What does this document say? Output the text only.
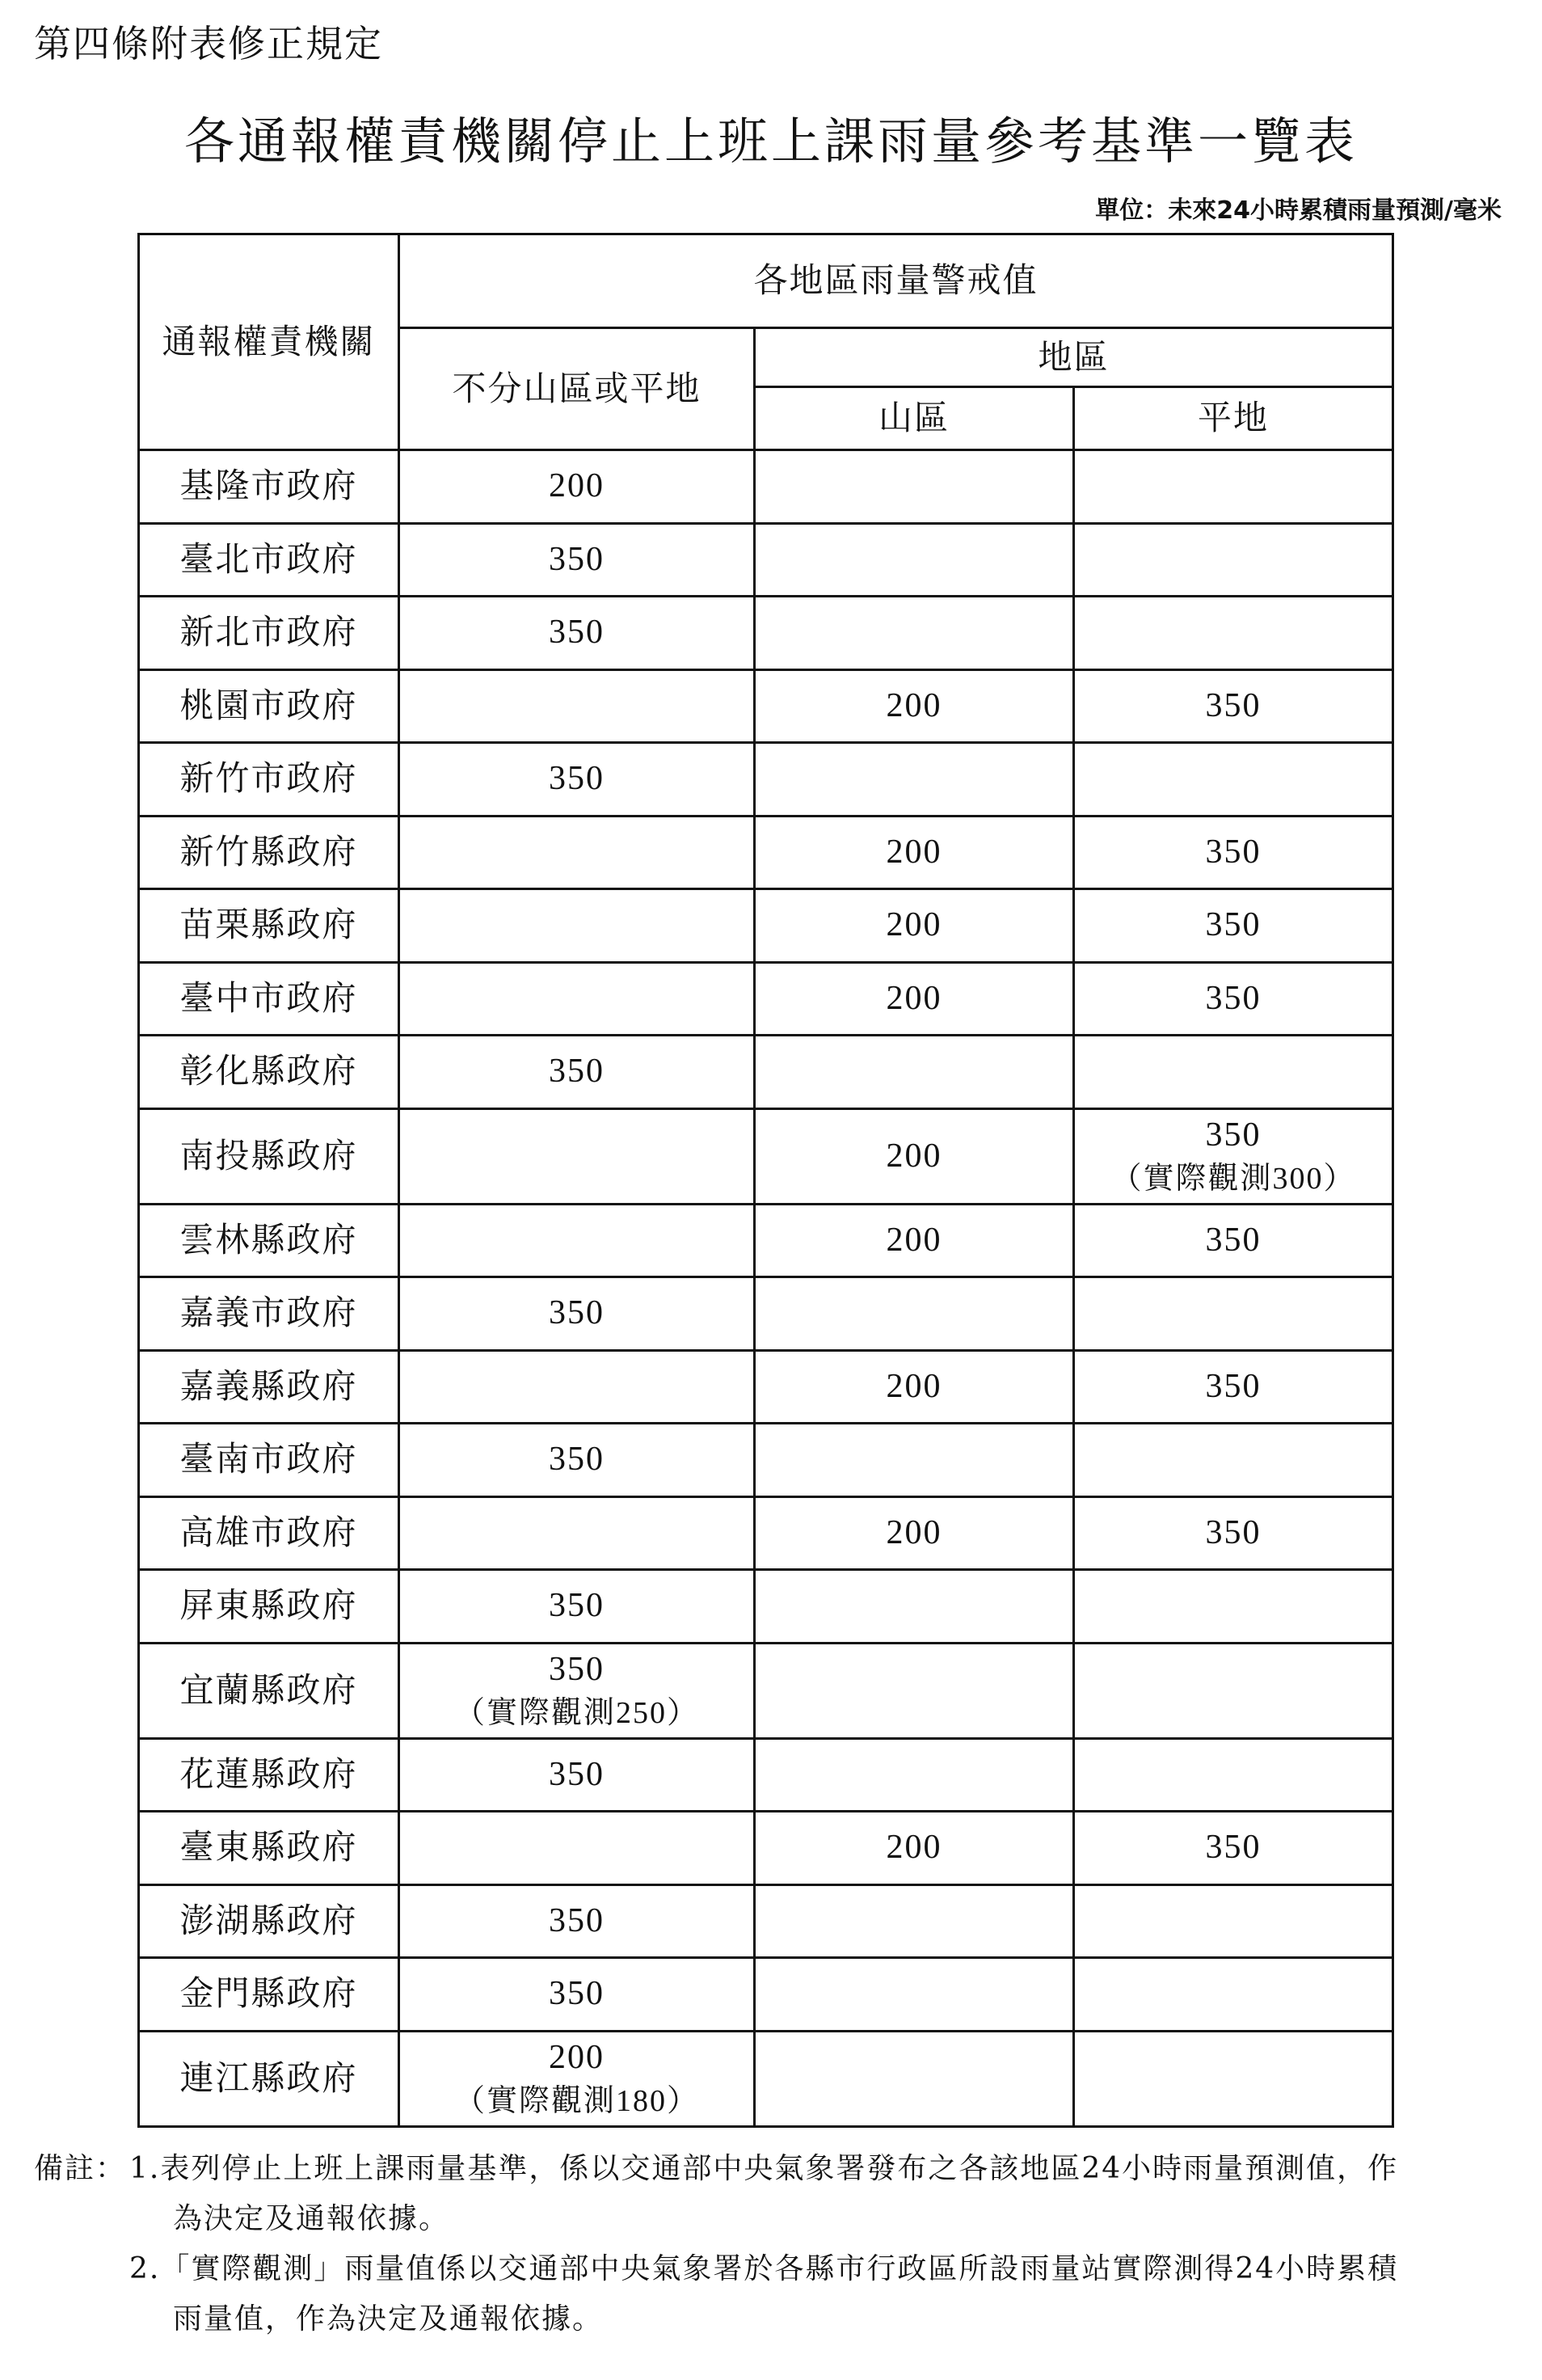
第四條附表修正規定
各通報權責機關停止上班上課雨量參考基準一覽表
單位：未來24小時累積雨量預測/毫米
通報權責機關	各地區雨量警戒值		
	不分山區或平地	地區	
		山區	平地
基隆市政府	200		

臺北市政府	350		

新北市政府	350		

桃園市政府		200	350

新竹市政府	350		

新竹縣政府		200	350

苗栗縣政府		200	350

臺中市政府		200	350

彰化縣政府	350		

南投縣政府		200	350
（實際觀測300）

雲林縣政府		200	350

嘉義市政府	350		

嘉義縣政府		200	350

臺南市政府	350		

高雄市政府		200	350

屏東縣政府	350		

宜蘭縣政府	350
（實際觀測250）		

花蓮縣政府	350		

臺東縣政府		200	350

澎湖縣政府	350		

金門縣政府	350		

連江縣政府	200
（實際觀測180）		

備註： 1. 表列停止上班上課雨量基準，係以交通部中央氣象署發布之各該地區24小時雨量預測值，作
為決定及通報依據。
2. 「實際觀測」雨量值係以交通部中央氣象署於各縣市行政區所設雨量站實際測得24小時累積
雨量值，作為決定及通報依據。
